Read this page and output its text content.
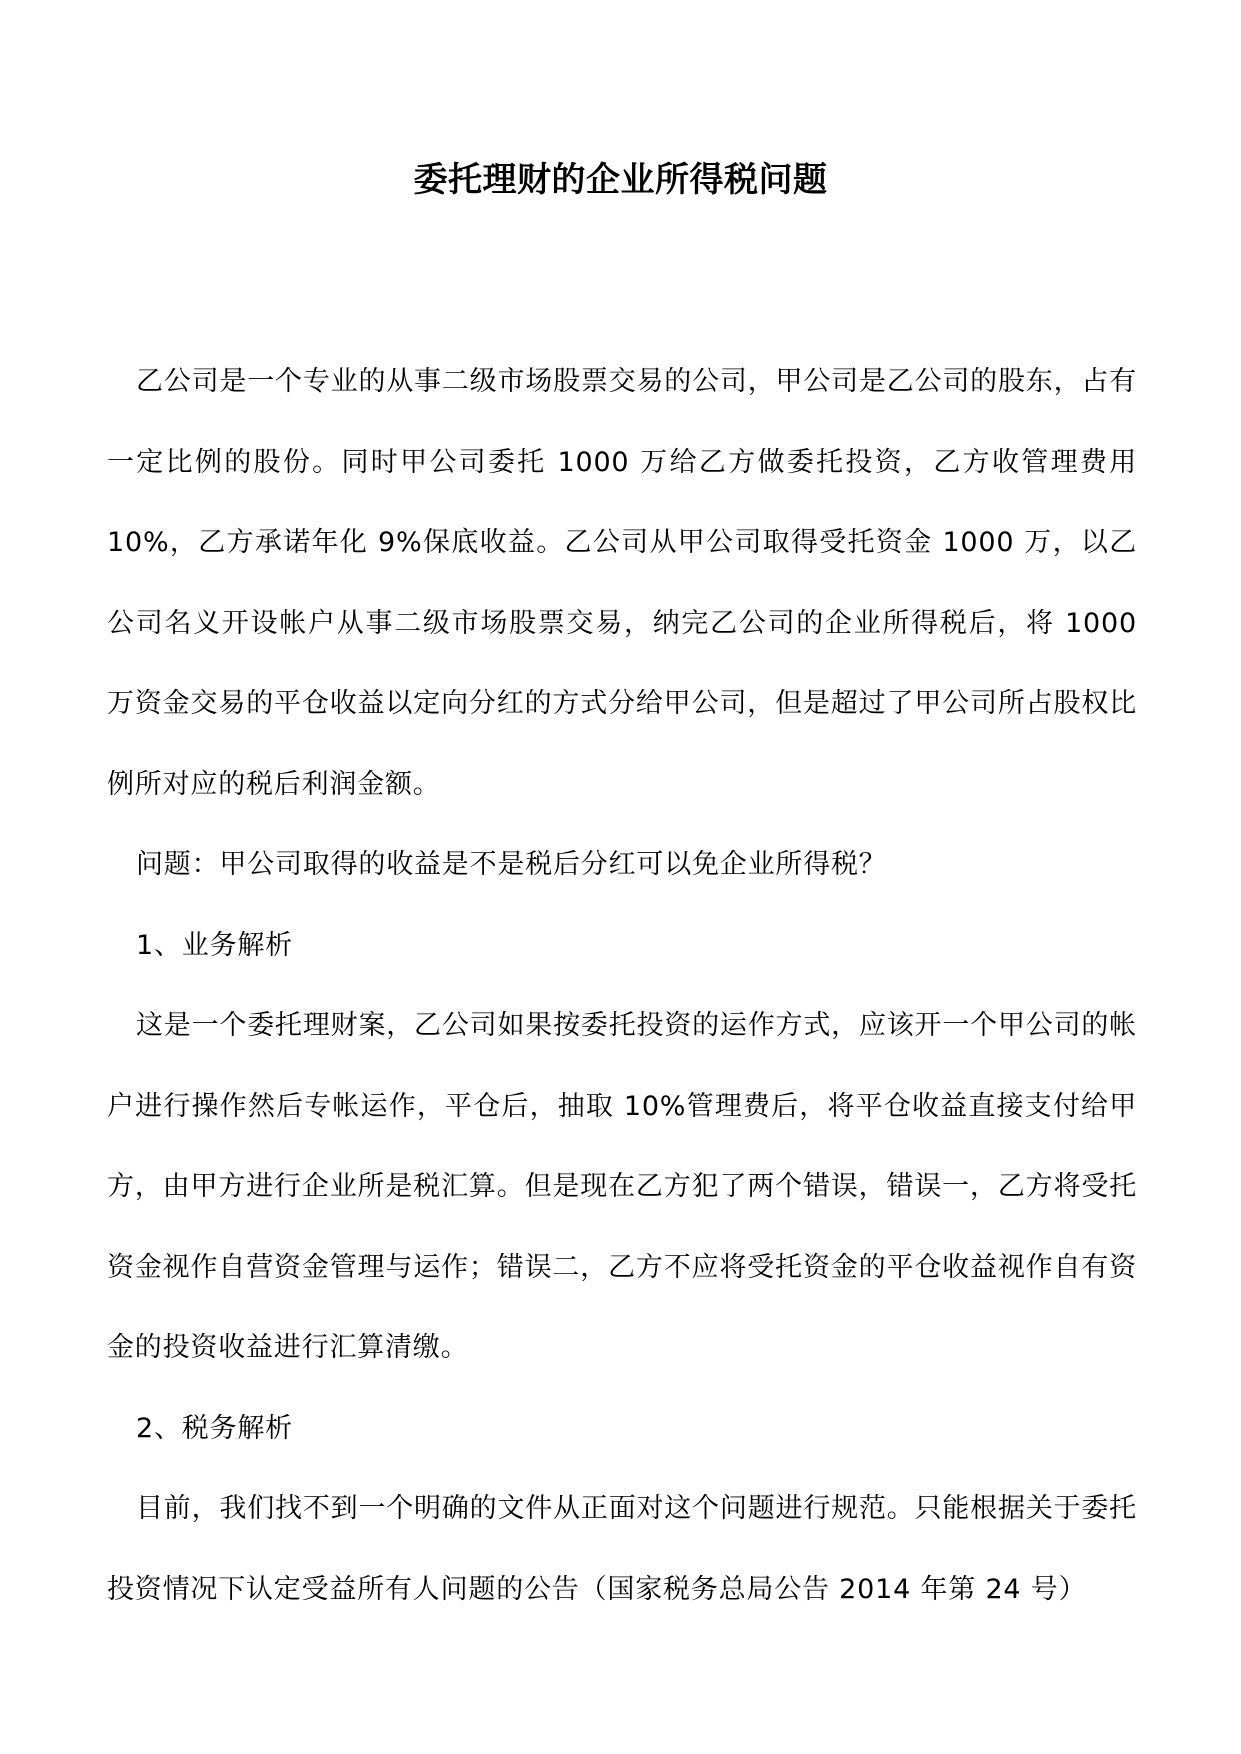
委托理财的企业所得税问题

乙公司是一个专业的从事二级市场股票交易的公司，甲公司是乙公司的股东，占有一定比例的股份。同时甲公司委托 1000 万给乙方做委托投资，乙方收管理费用 10%，乙方承诺年化 9%保底收益。乙公司从甲公司取得受托资金 1000 万，以乙公司名义开设帐户从事二级市场股票交易，纳完乙公司的企业所得税后，将 1000 万资金交易的平仓收益以定向分红的方式分给甲公司，但是超过了甲公司所占股权比例所对应的税后利润金额。

问题：甲公司取得的收益是不是税后分红可以免企业所得税？

1、业务解析

这是一个委托理财案，乙公司如果按委托投资的运作方式，应该开一个甲公司的帐户进行操作然后专帐运作，平仓后，抽取 10%管理费后，将平仓收益直接支付给甲方，由甲方进行企业所是税汇算。但是现在乙方犯了两个错误，错误一，乙方将受托资金视作自营资金管理与运作；错误二，乙方不应将受托资金的平仓收益视作自有资金的投资收益进行汇算清缴。

2、税务解析

目前，我们找不到一个明确的文件从正面对这个问题进行规范。只能根据关于委托投资情况下认定受益所有人问题的公告（国家税务总局公告 2014 年第 24 号）
